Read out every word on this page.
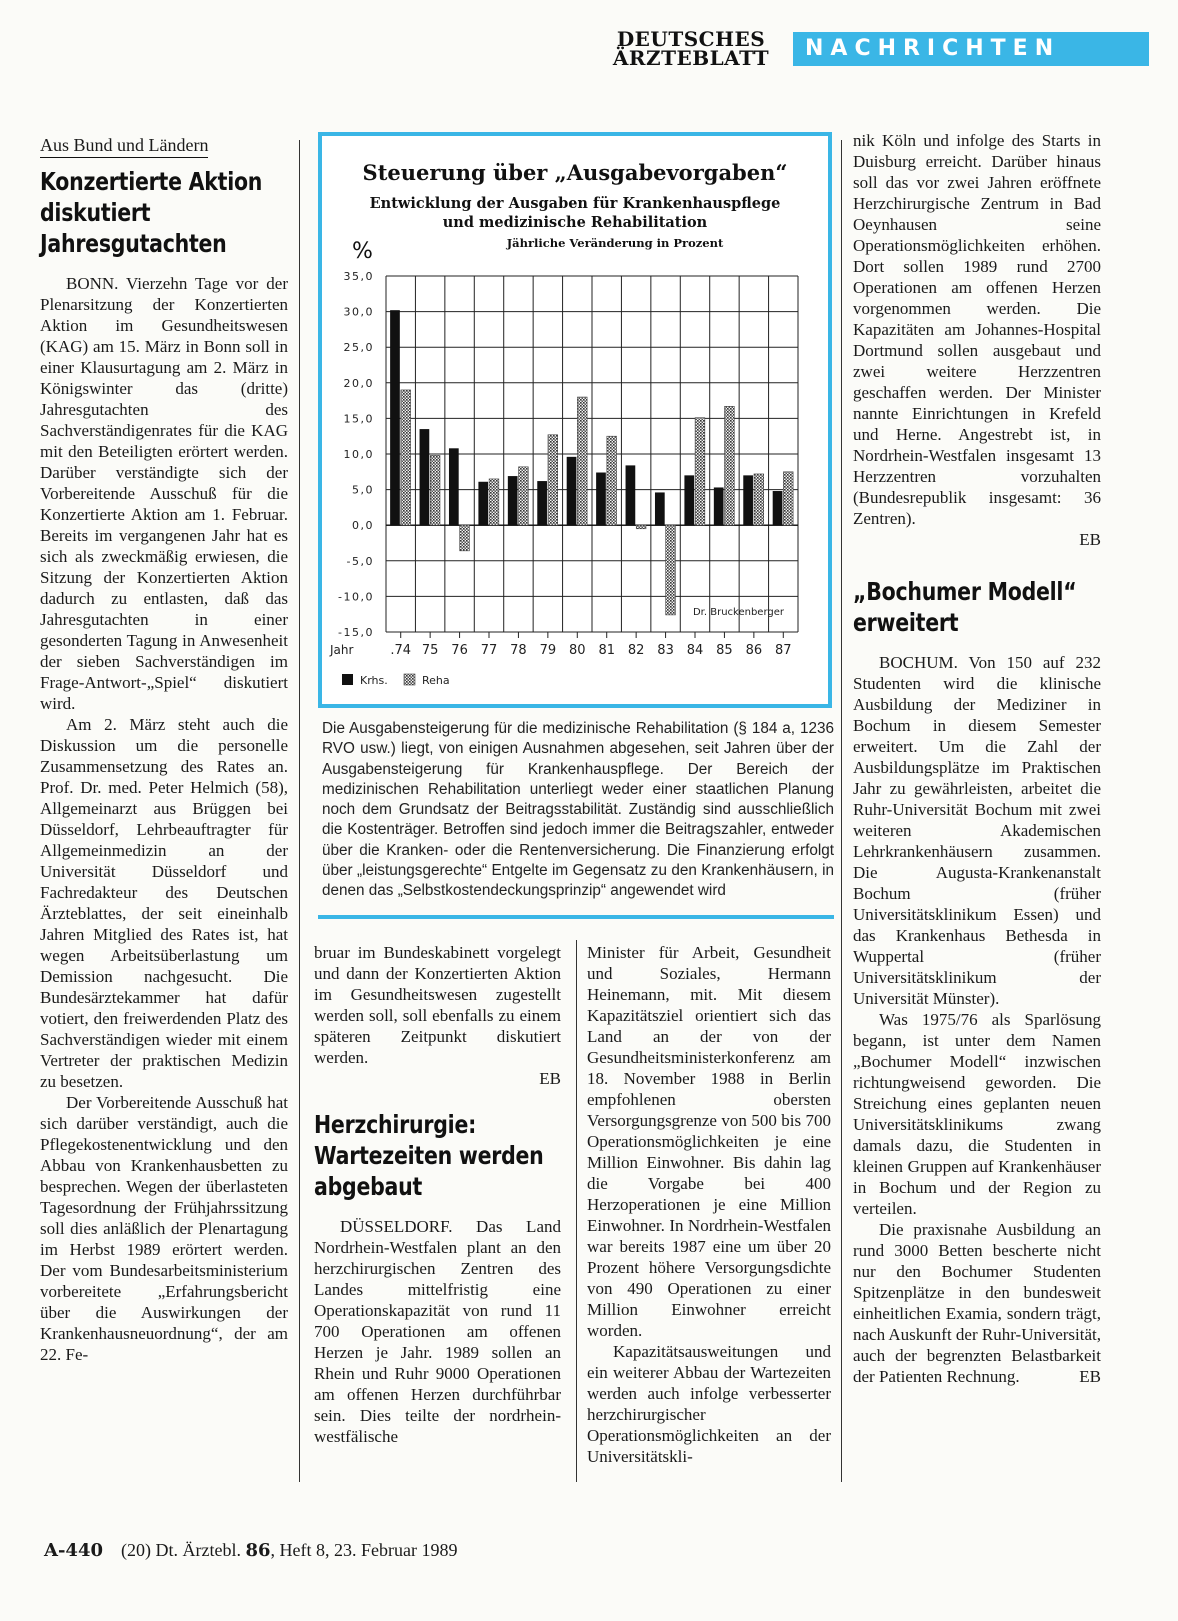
DEUTSCHES
ÄRZTEBLATT	NACHRICHTEN
Aus Bund und Ländern
Konzertierte Aktion diskutiert Jahresgutachten

BONN. Vierzehn Tage vor der Plenarsitzung der Konzertierten Aktion im Gesundheitswesen (KAG) am 15. März in Bonn soll in einer Klausurtagung am 2. März in Königswinter das (dritte) Jahresgutachten des Sachverständigenrates für die KAG mit den Beteiligten erörtert werden. Darüber verständigte sich der Vorbereitende Ausschuß für die Konzertierte Aktion am 1. Februar. Bereits im vergangenen Jahr hat es sich als zweckmäßig erwiesen, die Sitzung der Konzertierten Aktion dadurch zu entlasten, daß das Jahresgutachten in einer gesonderten Tagung in Anwesenheit der sieben Sachverständigen im Frage-Antwort-„Spiel“ diskutiert wird.

Am 2. März steht auch die Diskussion um die personelle Zusammensetzung des Rates an. Prof. Dr. med. Peter Helmich (58), Allgemeinarzt aus Brüggen bei Düsseldorf, Lehrbeauftragter für Allgemeinmedizin an der Universität Düsseldorf und Fachredakteur des Deutschen Ärzteblattes, der seit eineinhalb Jahren Mitglied des Rates ist, hat wegen Arbeitsüberlastung um Demission nachgesucht. Die Bundesärztekammer hat dafür votiert, den freiwerdenden Platz des Sachverständigen wieder mit einem Vertreter der praktischen Medizin zu besetzen.

Der Vorbereitende Ausschuß hat sich darüber verständigt, auch die Pflegekostenentwicklung und den Abbau von Krankenhausbetten zu besprechen. Wegen der überlasteten Tagesordnung der Frühjahrssitzung soll dies anläßlich der Plenartagung im Herbst 1989 erörtert werden. Der vom Bundesarbeitsministerium vorbereitete „Erfahrungsbericht über die Auswirkungen der Krankenhausneuordnung“, der am 22. Fe-

Steuerung über „Ausgabevorgaben“
Entwicklung der Ausgaben für Krankenhauspflege
und medizinische Rehabilitation
Jährliche Veränderung in Prozent
%
35,0
30,0
25,0
20,0
15,0
10,0
5,0
0,0
-5,0
-10,0
-15,0
Jahr	.74 75 76 77 78 79 80 81 82 83 84 85 86 87
Dr. Bruckenberger
Krhs.	Reha
Die Ausgabensteigerung für die medizinische Rehabilitation (§ 184 a, 1236 RVO usw.) liegt, von einigen Ausnahmen abgesehen, seit Jahren über der Ausgabensteigerung für Krankenhauspflege. Der Bereich der medizinischen Rehabilitation unterliegt weder einer staatlichen Planung noch dem Grundsatz der Beitragsstabilität. Zuständig sind ausschließlich die Kostenträger. Betroffen sind jedoch immer die Beitragszahler, entweder über die Kranken- oder die Rentenversicherung. Die Finanzierung erfolgt über „leistungsgerechte“ Entgelte im Gegensatz zu den Krankenhäusern, in denen das „Selbstkostendeckungsprinzip“ angewendet wird

bruar im Bundeskabinett vorgelegt und dann der Konzertierten Aktion im Gesundheitswesen zugestellt werden soll, soll ebenfalls zu einem späteren Zeitpunkt diskutiert werden.

EB
Herzchirurgie: Wartezeiten werden abgebaut

DÜSSELDORF. Das Land Nordrhein-Westfalen plant an den herzchirurgischen Zentren des Landes mittelfristig eine Operationskapazität von rund 11 700 Operationen am offenen Herzen je Jahr. 1989 sollen an Rhein und Ruhr 9000 Operationen am offenen Herzen durchführbar sein. Dies teilte der nordrhein-westfälische

Minister für Arbeit, Gesundheit und Soziales, Hermann Heinemann, mit. Mit diesem Kapazitätsziel orientiert sich das Land an der von der Gesundheitsministerkonferenz am 18. November 1988 in Berlin empfohlenen obersten Versorgungsgrenze von 500 bis 700 Operationsmöglichkeiten je eine Million Einwohner. Bis dahin lag die Vorgabe bei 400 Herzoperationen je eine Million Einwohner. In Nordrhein-Westfalen war bereits 1987 eine um über 20 Prozent höhere Versorgungsdichte von 490 Operationen zu einer Million Einwohner erreicht worden.

Kapazitätsausweitungen und ein weiterer Abbau der Wartezeiten werden auch infolge verbesserter herzchirurgischer Operationsmöglichkeiten an der Universitätskli-

nik Köln und infolge des Starts in Duisburg erreicht. Darüber hinaus soll das vor zwei Jahren eröffnete Herzchirurgische Zentrum in Bad Oeynhausen seine Operationsmöglichkeiten erhöhen. Dort sollen 1989 rund 2700 Operationen am offenen Herzen vorgenommen werden. Die Kapazitäten am Johannes-Hospital Dortmund sollen ausgebaut und zwei weitere Herzzentren geschaffen werden. Der Minister nannte Einrichtungen in Krefeld und Herne. Angestrebt ist, in Nordrhein-Westfalen insgesamt 13 Herzzentren vorzuhalten (Bundesrepublik insgesamt: 36 Zentren).

EB
„Bochumer Modell“ erweitert

BOCHUM. Von 150 auf 232 Studenten wird die klinische Ausbildung der Mediziner in Bochum in diesem Semester erweitert. Um die Zahl der Ausbildungsplätze im Praktischen Jahr zu gewährleisten, arbeitet die Ruhr-Universität Bochum mit zwei weiteren Akademischen Lehrkrankenhäusern zusammen. Die Augusta-Krankenanstalt Bochum (früher Universitätsklinikum Essen) und das Krankenhaus Bethesda in Wuppertal (früher Universitätsklinikum der Universität Münster).

Was 1975/76 als Sparlösung begann, ist unter dem Namen „Bochumer Modell“ inzwischen richtungweisend geworden. Die Streichung eines geplanten neuen Universitätsklinikums zwang damals dazu, die Studenten in kleinen Gruppen auf Krankenhäuser in Bochum und der Region zu verteilen.

Die praxisnahe Ausbildung an rund 3000 Betten bescherte nicht nur den Bochumer Studenten Spitzenplätze in den bundesweit einheitlichen Examia, sondern trägt, nach Auskunft der Ruhr-Universität, auch der begrenzten Belastbarkeit der Patienten Rechnung.	EB
A-440 (20) Dt. Ärztebl. 86, Heft 8, 23. Februar 1989
